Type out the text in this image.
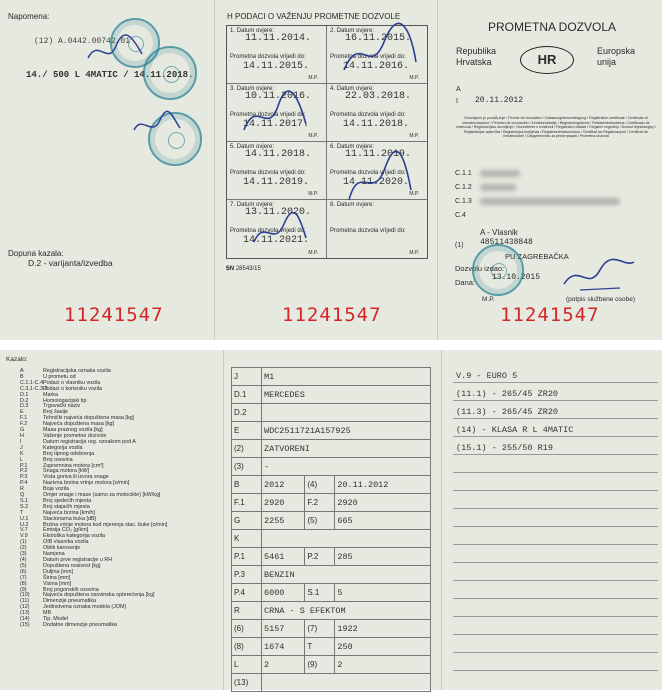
Napomena:
(12) A.0442.00742.01
14./ 500 L 4MATIC / 14.11.2018.
Dopuna kazala:
D.2 - varijanta/izvedba
11241547
H PODACI O VAŽENJU PROMETNE DOZVOLE
1. Datum ovjere:
11.11.2014.
Prometna dozvola vrijedi do:
14.11.2015.
M.P.
2. Datum ovjere:
16.11.2015.
Prometna dozvola vrijedi do:
14.11.2016.
M.P.
3. Datum ovjere:
10.11.2016.
Prometna dozvola vrijedi do:
14.11.2017.
M.P.
4. Datum ovjere:
22.03.2018.
Prometna dozvola vrijedi do:
14.11.2018.
M.P.
5. Datum ovjere:
14.11.2018.
Prometna dozvola vrijedi do:
14.11.2019.
M.P.
6. Datum ovjere:
11.11.2019.
Prometna dozvola vrijedi do:
14.11.2020.
M.P.
7. Datum ovjere:
13.11.2020.
Prometna dozvola vrijedi do:
14.11.2021.
M.P.
8. Datum ovjere:
Prometna dozvola vrijedi do:
M.P.
ᎦN 28543/15
11241547
PROMETNA DOZVOLA
Republika
Hrvatska	HR
Europska
unija
A
I 20.11.2012
Dozvoljeno je ponaÅ¡anje / Permis de circulation / Zulassungsbescheinigung / Registration certificate / Certificato di immatricolazione / Permiso de circulación / Kentekenbewijs / Registreringsbevis / Rekisteröintitodistus / Certificado de matrícula / Registracijsko dovoljenje / Osvedčenie o evidencii / Registrační doklad / Forgalmi engedély / Dowód rejestracyjny / Reģistrācijas apliecība / Registracijos liudijimas / Registreerimistunnistus / Čertifikat tar-Registrazzjoni / Certificat de înmatriculare / Свидетелство за регистрация / Prometna dozvola
C.1.1
C.1.2
C.1.3
C.4
A - Vlasnik
(1) 48511438848
PU ZAGREBAČKA
Dozvolu izdao:
Dana:
13.10.2015
M.P.	(potpis službene osobe)
11241547
Kazalo:
A	Registracijska oznaka vozila
B	U prometu od
C.1.1-C.4 Podaci o vlasniku vozila
C.3.1-C.3.3
Podaci o korisniku vozila
D.1	Marka
D.2	Homologacijski tip
D.3	Trgovački naziv
E	Broj šasije
F.1	Tehnički najveća dopuštena masa [kg]
F.2	Najveća dopuštena masa [kg]
G	Masa praznog vozila [kg]
H	Važenje prometne dozvole
I	Datum registracije reg. oznakom pod A
J	Kategorija vozila
K	Broj tipnog odobrenja
L	Broj osovina
P.1	Zapremnina motora [cm³]
P.2	Snaga motora [kW]
P.3	Vrsta goriva ili izvora snage
P.4	Nazivna brzina vrtnje motora [o/min]
R	Boja vozila
Q	Omjer snage i mase (samo za motocikle) [kW/kg]
S.1	Broj sjedećih mjesta
S.2	Broj stajaćih mjesta
T	Najveća brzina [km/h]
U.1	Stacionarna buka [dB]
U.2	Brzina vrtnje motora kod mjerenja stac. buke [o/min]
V.7	Emisija CO₂ [g/km]
V.9	Ekološka kategorija vozila
(1)	OIB vlasnika vozila
(2)	Oblik karoserije
(3)	Namjena
(4)	Datum prve registracije u RH
(5)	Dopuštena nosivost [kg]
(6)	Duljina [mm]
(7)	Širina [mm]
(8)	Visina [mm]
(9)	Broj pogonskih osovina
(10)	Najveća dopuštena osovinska opterećenja [kg]
(11)	Dimenzije pneumatika
(12)	Jedinstvena oznaka modela (JOM)
(13)	MB
(14)	Tip, Model
(15)	Dodatne dimenzije pneumatika
J	M1		
D.1	MERCEDES		
D.2			
E	WDC2511721A157925		
(2)	ZATVORENI		
(3)	-		
B	2012	(4)	20.11.2012
F.1	2920	F.2	2920
G	2255	(5)	665
K			
P.1	5461	P.2	285
P.3	BENZIN		
P.4	6000	S.1	5
R	CRNA - S EFEKTOM		
(6)	5157	(7)	1922
(8)	1674	T	250
L	2	(9)	2
(13)			
V.9 - EURO 5
(11.1) - 265/45 ZR20
(11.3) - 265/45 ZR20
(14) - KLASA R L 4MATIC
(15.1) - 255/50 R19
